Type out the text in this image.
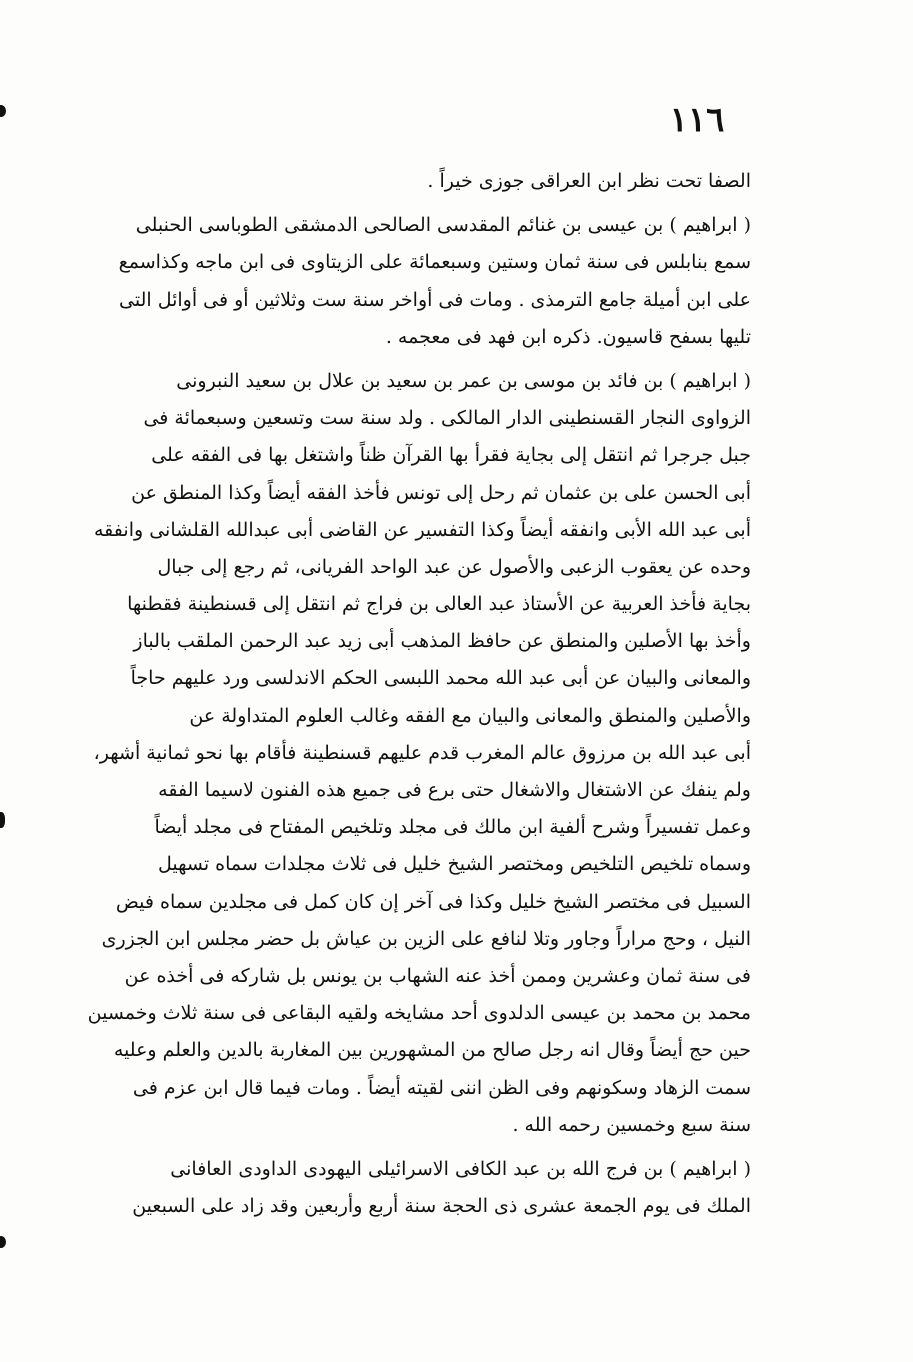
١١٦
الصفا تحت نظر ابن العراقى جوزى خيراً .
( ابراهيم ) بن عيسى بن غنائم المقدسى الصالحى الدمشقى الطوباسى الحنبلى
سمع بنابلس فى سنة ثمان وستين وسبعمائة على الزيتاوى فى ابن ماجه وكذاسمع
على ابن أميلة جامع الترمذى . ومات فى أواخر سنة ست وثلاثين أو فى أوائل التى
تليها بسفح قاسيون. ذكره ابن فهد فى معجمه .
( ابراهيم ) بن فائد بن موسى بن عمر بن سعيد بن علال بن سعيد النبرونى
الزواوى النجار القسنطينى الدار المالكى . ولد سنة ست وتسعين وسبعمائة فى
جبل جرجرا ثم انتقل إلى بجاية فقرأ بها القرآن ظناً واشتغل بها فى الفقه على
أبى الحسن على بن عثمان ثم رحل إلى تونس فأخذ الفقه أيضاً وكذا المنطق عن
أبى عبد الله الأبى وانفقه أيضاً وكذا التفسير عن القاضى أبى عبدالله القلشانى وانفقه
وحده عن يعقوب الزعبى والأصول عن عبد الواحد الفريانى، ثم رجع إلى جبال
بجاية فأخذ العربية عن الأستاذ عبد العالى بن فراج ثم انتقل إلى قسنطينة فقطنها
وأخذ بها الأصلين والمنطق عن حافظ المذهب أبى زيد عبد الرحمن الملقب بالباز
والمعانى والبيان عن أبى عبد الله محمد اللبسى الحكم الاندلسى ورد عليهم حاجاً
والأصلين والمنطق والمعانى والبيان مع الفقه وغالب العلوم المتداولة عن
أبى عبد الله بن مرزوق عالم المغرب قدم عليهم قسنطينة فأقام بها نحو ثمانية أشهر،
ولم ينفك عن الاشتغال والاشغال حتى برع فى جميع هذه الفنون لاسيما الفقه
وعمل تفسيراً وشرح ألفية ابن مالك فى مجلد وتلخيص المفتاح فى مجلد أيضاً
وسماه تلخيص التلخيص ومختصر الشيخ خليل فى ثلاث مجلدات سماه تسهيل
السبيل فى مختصر الشيخ خليل وكذا فى آخر إن كان كمل فى مجلدين سماه فيض
النيل ، وحج مراراً وجاور وتلا لنافع على الزين بن عياش بل حضر مجلس ابن الجزرى
فى سنة ثمان وعشرين وممن أخذ عنه الشهاب بن يونس بل شاركه فى أخذه عن
محمد بن محمد بن عيسى الدلدوى أحد مشايخه ولقيه البقاعى فى سنة ثلاث وخمسين
حين حج أيضاً وقال انه رجل صالح من المشهورين بين المغاربة بالدين والعلم وعليه
سمت الزهاد وسكونهم وفى الظن اننى لقيته أيضاً . ومات فيما قال ابن عزم فى
سنة سبع وخمسين رحمه الله .
( ابراهيم ) بن فرج الله بن عبد الكافى الاسرائيلى اليهودى الداودى العافانى
الملك فى يوم الجمعة عشرى ذى الحجة سنة أربع وأربعين وقد زاد على السبعين
